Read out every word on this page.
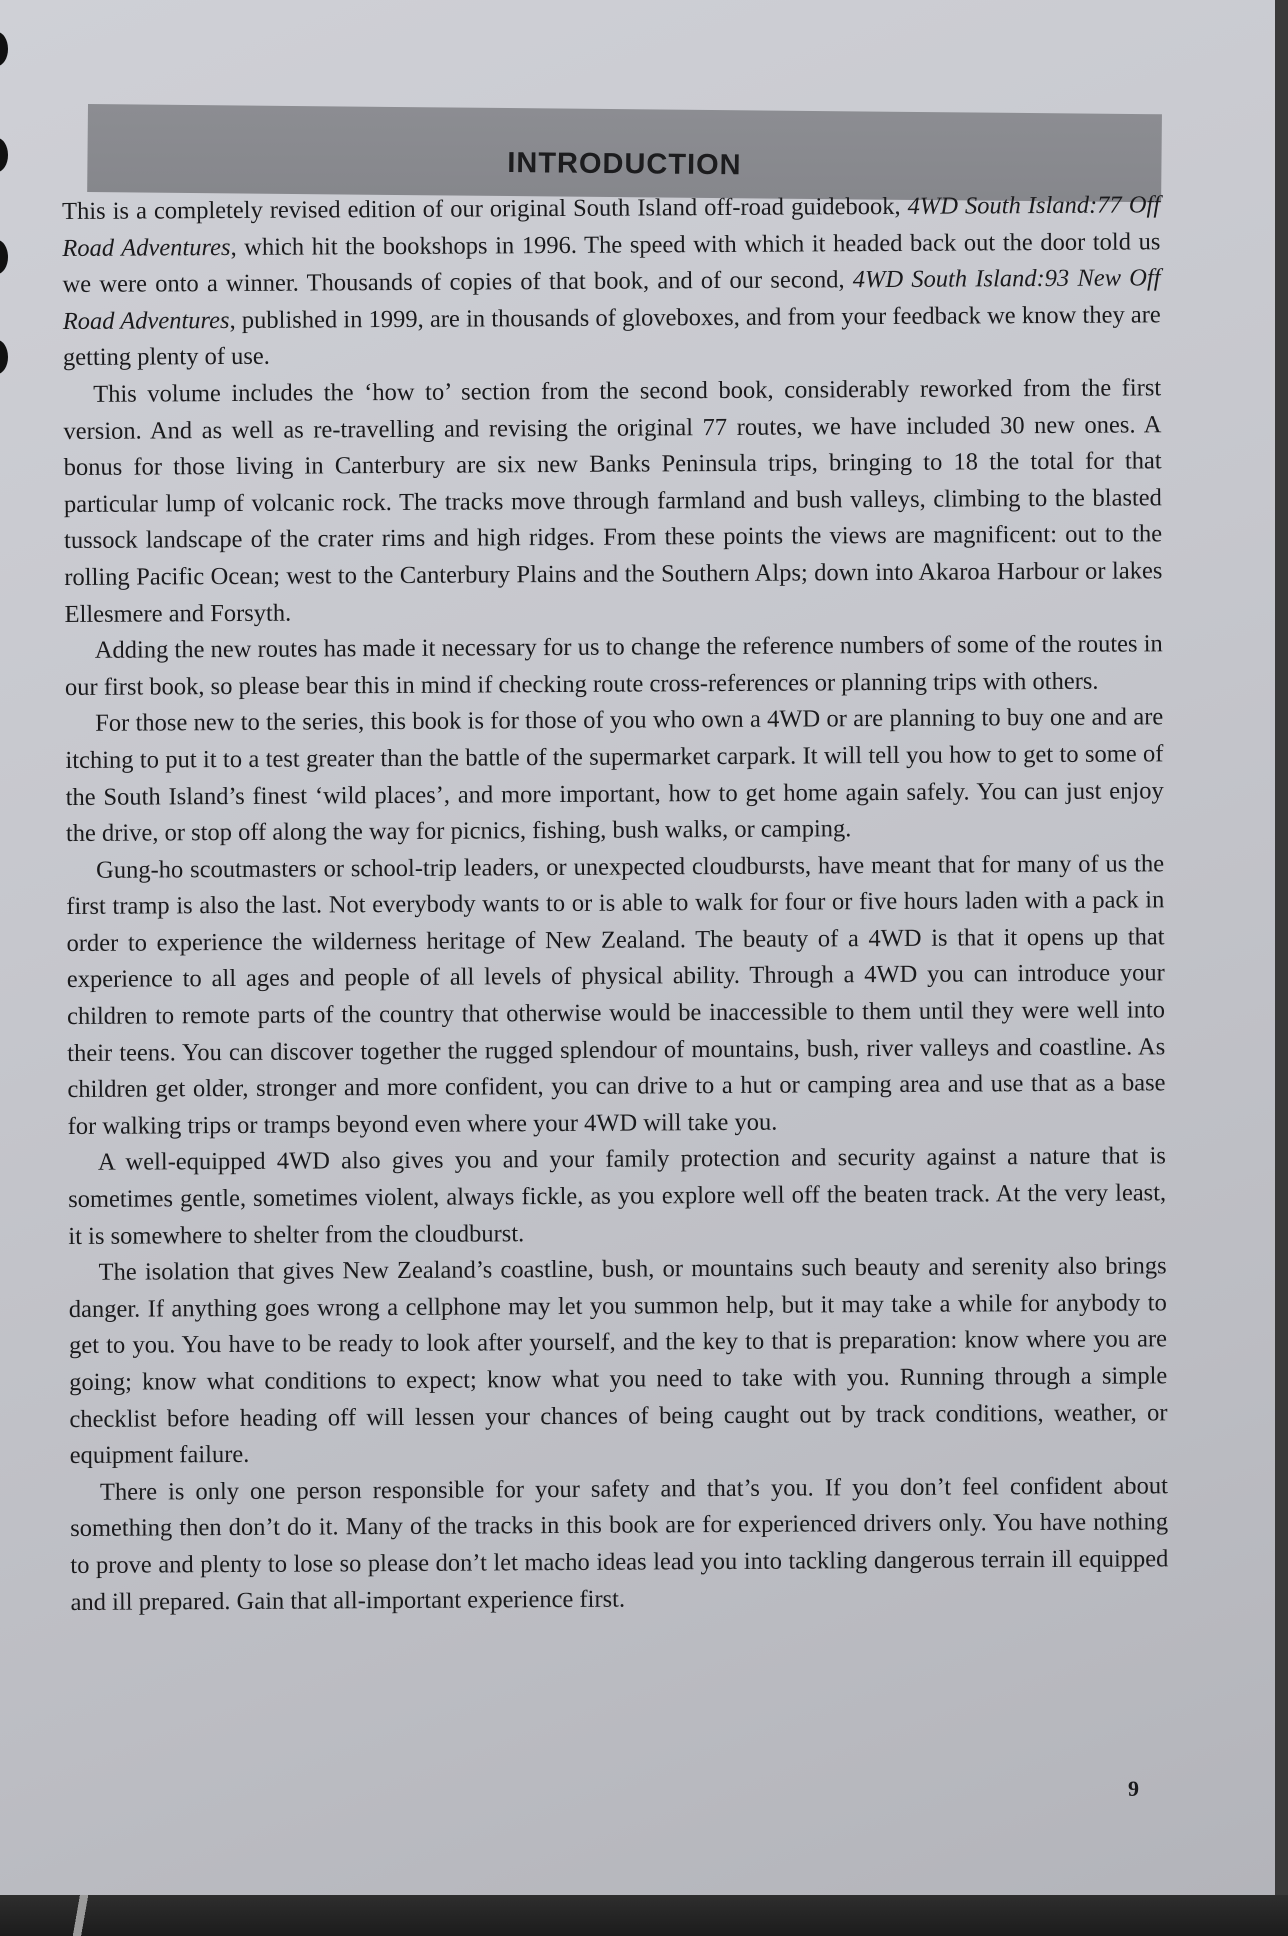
INTRODUCTION

This is a completely revised edition of our original South Island off-road guidebook, 4WD South Island:77 Off Road Adventures, which hit the bookshops in 1996. The speed with which it headed back out the door told us we were onto a winner. Thousands of copies of that book, and of our second, 4WD South Island:93 New Off Road Adventures, published in 1999, are in thousands of gloveboxes, and from your feedback we know they are getting plenty of use.

This volume includes the ‘how to’ section from the second book, considerably reworked from the first version. And as well as re-travelling and revising the original 77 routes, we have included 30 new ones. A bonus for those living in Canterbury are six new Banks Peninsula trips, bringing to 18 the total for that particular lump of volcanic rock. The tracks move through farmland and bush valleys, climbing to the blasted tussock landscape of the crater rims and high ridges. From these points the views are magnificent: out to the rolling Pacific Ocean; west to the Canterbury Plains and the Southern Alps; down into Akaroa Harbour or lakes Ellesmere and Forsyth.

Adding the new routes has made it necessary for us to change the reference numbers of some of the routes in our first book, so please bear this in mind if checking route cross-references or planning trips with others.

For those new to the series, this book is for those of you who own a 4WD or are planning to buy one and are itching to put it to a test greater than the battle of the supermarket carpark. It will tell you how to get to some of the South Island’s finest ‘wild places’, and more important, how to get home again safely. You can just enjoy the drive, or stop off along the way for picnics, fishing, bush walks, or camping.

Gung-ho scoutmasters or school-trip leaders, or unexpected cloudbursts, have meant that for many of us the first tramp is also the last. Not everybody wants to or is able to walk for four or five hours laden with a pack in order to experience the wilderness heritage of New Zealand. The beauty of a 4WD is that it opens up that experience to all ages and people of all levels of physical ability. Through a 4WD you can introduce your children to remote parts of the country that otherwise would be inaccessible to them until they were well into their teens. You can discover together the rugged splendour of mountains, bush, river valleys and coastline. As children get older, stronger and more confident, you can drive to a hut or camping area and use that as a base for walking trips or tramps beyond even where your 4WD will take you.

A well-equipped 4WD also gives you and your family protection and security against a nature that is sometimes gentle, sometimes violent, always fickle, as you explore well off the beaten track. At the very least, it is somewhere to shelter from the cloudburst.

The isolation that gives New Zealand’s coastline, bush, or mountains such beauty and serenity also brings danger. If anything goes wrong a cellphone may let you summon help, but it may take a while for anybody to get to you. You have to be ready to look after yourself, and the key to that is preparation: know where you are going; know what conditions to expect; know what you need to take with you. Running through a simple checklist before heading off will lessen your chances of being caught out by track conditions, weather, or equipment failure.

There is only one person responsible for your safety and that’s you. If you don’t feel confident about something then don’t do it. Many of the tracks in this book are for experienced drivers only. You have nothing to prove and plenty to lose so please don’t let macho ideas lead you into tackling dangerous terrain ill equipped and ill prepared. Gain that all-important experience first.

9
